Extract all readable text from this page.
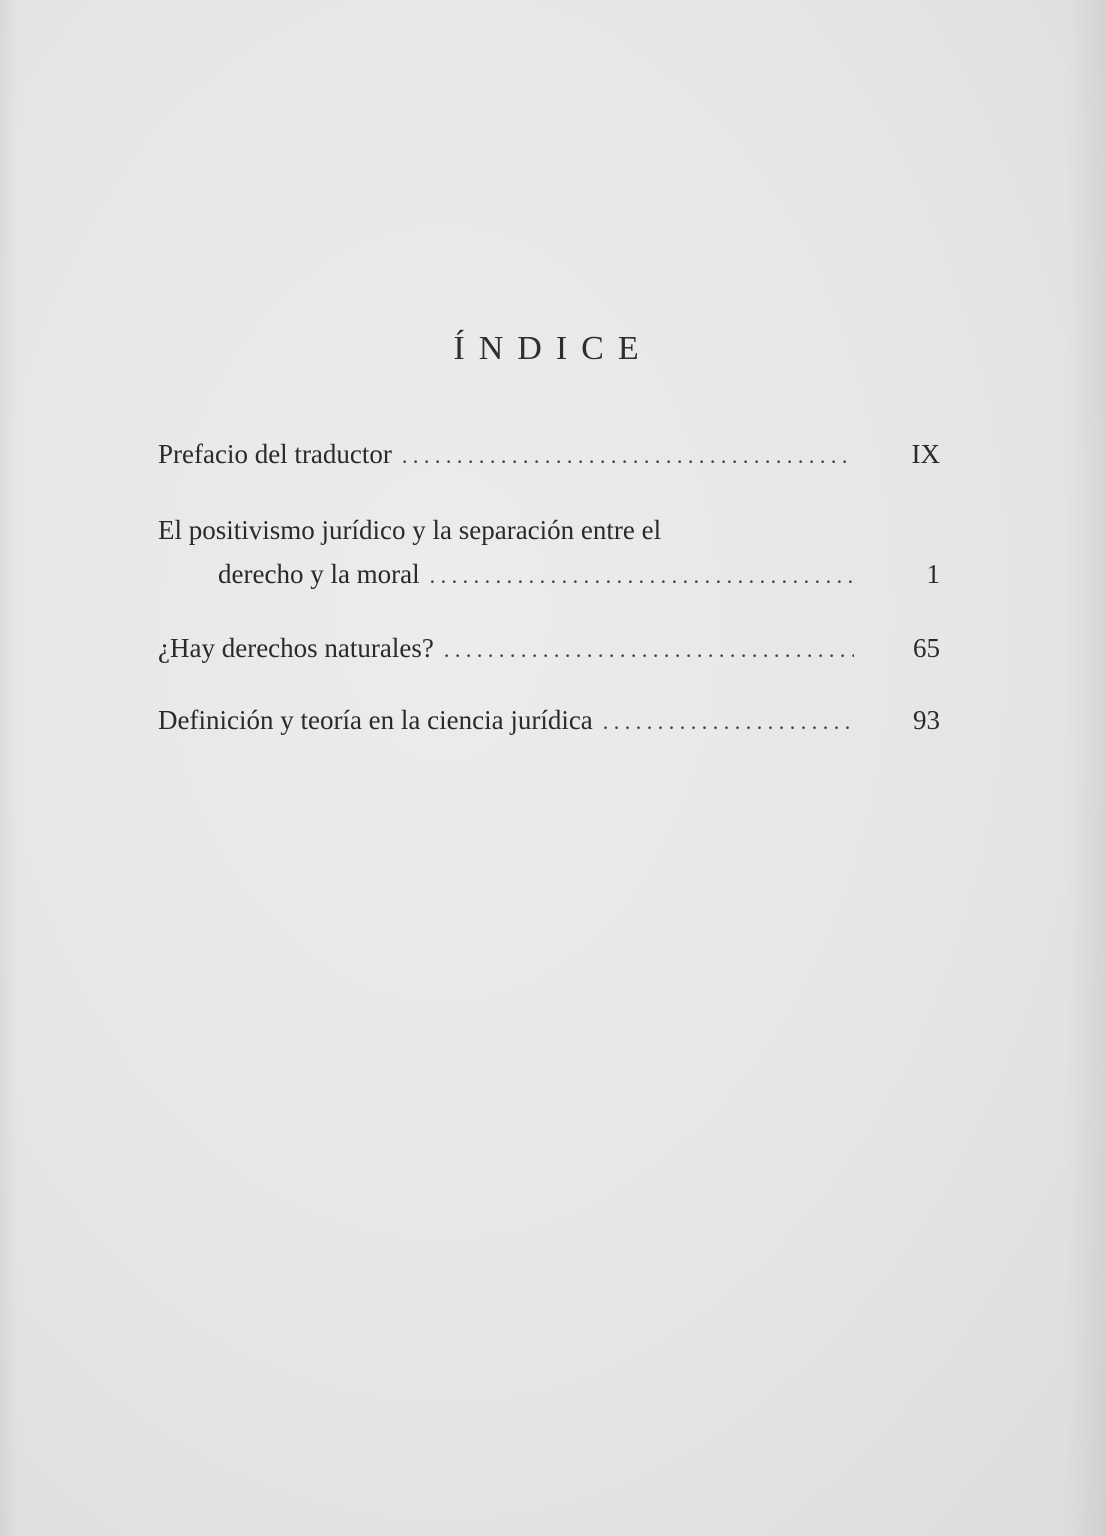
ÍNDICE
Prefacio del traductor . . .	IX
El positivismo jurídico y la separación entre el
derecho y la moral . . .	1
¿Hay derechos naturales? . . .	65
Definición y teoría en la ciencia jurídica . . .	93
